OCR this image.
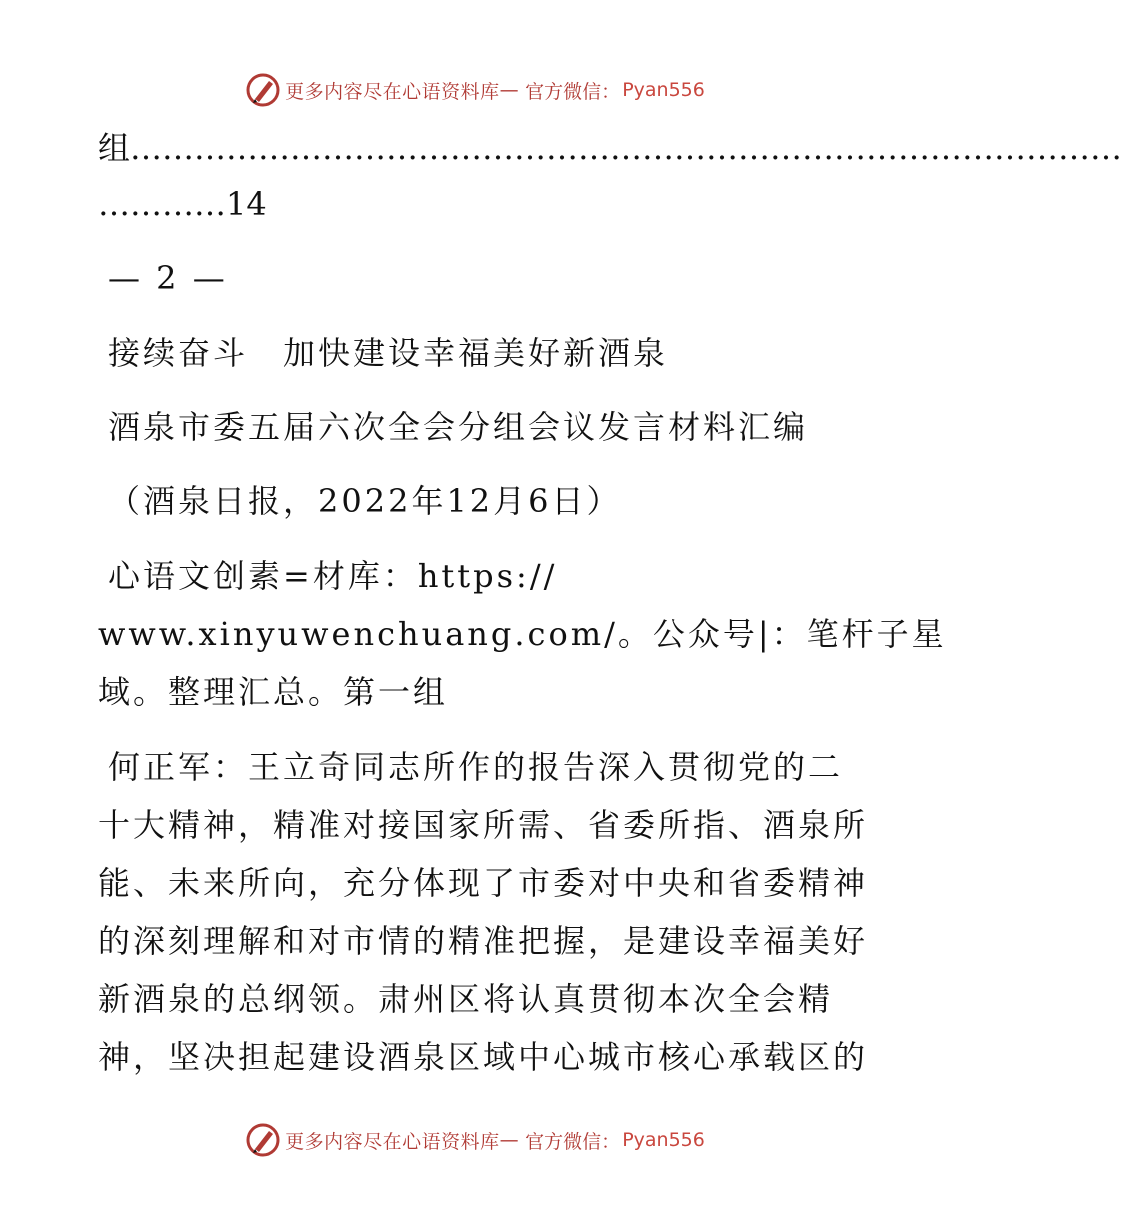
更多内容尽在心语资料库 — 官方微信： Pyan556

组…………………………………………………………………………………

…………14

— 2 —

接续奋斗　加快建设幸福美好新酒泉

酒泉市委五届六次全会分组会议发言材料汇编

（酒泉日报，2022年12月6日）

心语文创素=材库：https://

www.xinyuwenchuang.com/。公众号|：笔杆子星

域。整理汇总。第一组

何正军：王立奇同志所作的报告深入贯彻党的二

十大精神，精准对接国家所需、省委所指、酒泉所

能、未来所向，充分体现了市委对中央和省委精神

的深刻理解和对市情的精准把握，是建设幸福美好

新酒泉的总纲领。肃州区将认真贯彻本次全会精

神，坚决担起建设酒泉区域中心城市核心承载区的

更多内容尽在心语资料库 — 官方微信： Pyan556
